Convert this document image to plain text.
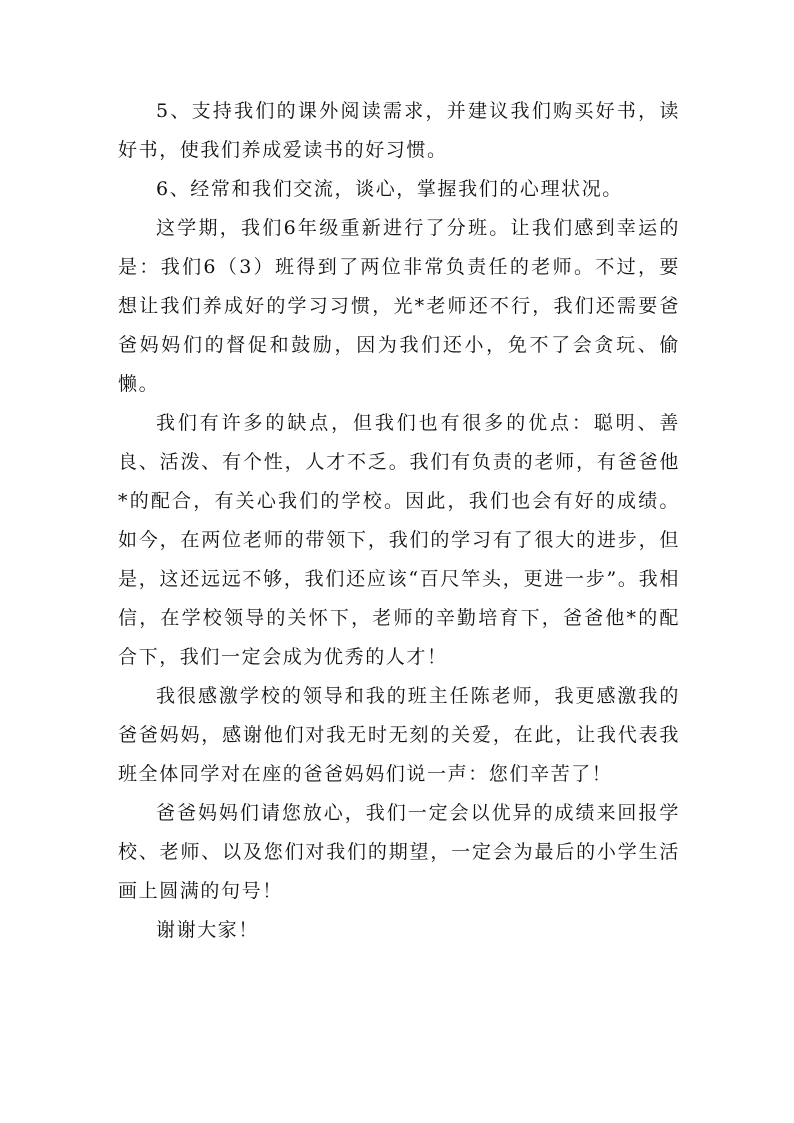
5、支持我们的课外阅读需求，并建议我们购买好书，读好书，使我们养成爱读书的好习惯。

6、经常和我们交流，谈心，掌握我们的心理状况。

这学期，我们6年级重新进行了分班。让我们感到幸运的是：我们6（3）班得到了两位非常负责任的老师。不过，要想让我们养成好的学习习惯，光*老师还不行，我们还需要爸爸妈妈们的督促和鼓励，因为我们还小，免不了会贪玩、偷懒。

我们有许多的缺点，但我们也有很多的优点：聪明、善良、活泼、有个性，人才不乏。我们有负责的老师，有爸爸他*的配合，有关心我们的学校。因此，我们也会有好的成绩。如今，在两位老师的带领下，我们的学习有了很大的进步，但是，这还远远不够，我们还应该“百尺竿头，更进一步”。我相信，在学校领导的关怀下，老师的辛勤培育下，爸爸他*的配合下，我们一定会成为优秀的人才！

我很感激学校的领导和我的班主任陈老师，我更感激我的爸爸妈妈，感谢他们对我无时无刻的关爱，在此，让我代表我班全体同学对在座的爸爸妈妈们说一声：您们辛苦了！

爸爸妈妈们请您放心，我们一定会以优异的成绩来回报学校、老师、以及您们对我们的期望，一定会为最后的小学生活画上圆满的句号！

谢谢大家！
